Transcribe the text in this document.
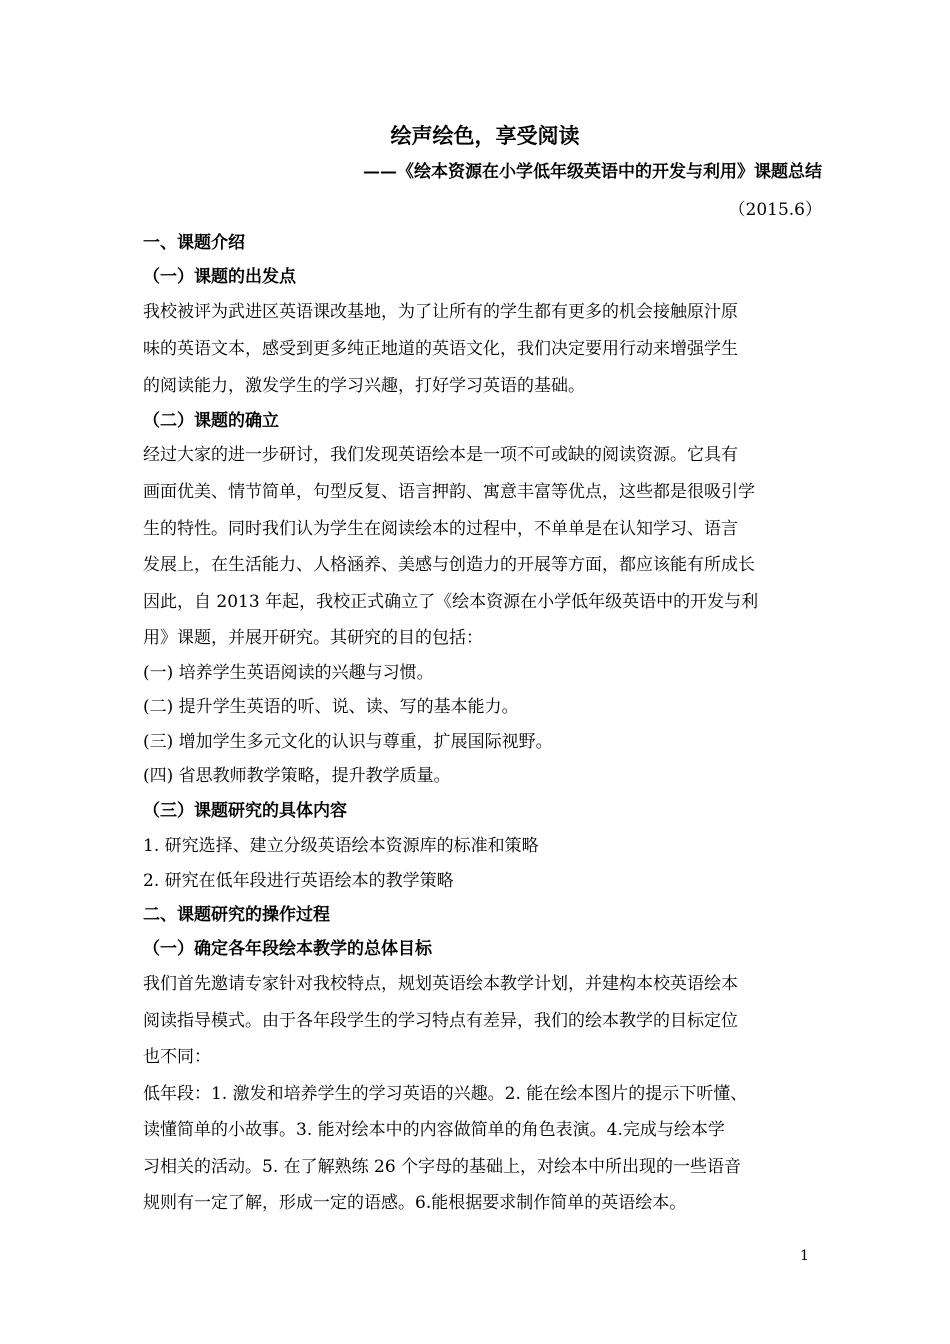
绘声绘色，享受阅读
——《绘本资源在小学低年级英语中的开发与利用》课题总结
（2015.6）
一、课题介绍
（一）课题的出发点
我校被评为武进区英语课改基地，为了让所有的学生都有更多的机会接触原汁原
味的英语文本，感受到更多纯正地道的英语文化，我们决定要用行动来增强学生
的阅读能力，激发学生的学习兴趣，打好学习英语的基础。
（二）课题的确立
经过大家的进一步研讨，我们发现英语绘本是一项不可或缺的阅读资源。它具有
画面优美、情节简单，句型反复、语言押韵、寓意丰富等优点，这些都是很吸引学
生的特性。同时我们认为学生在阅读绘本的过程中，不单单是在认知学习、语言
发展上，在生活能力、人格涵养、美感与创造力的开展等方面，都应该能有所成长
因此，自 2013 年起，我校正式确立了《绘本资源在小学低年级英语中的开发与利
用》课题，并展开研究。其研究的目的包括：
(一) 培养学生英语阅读的兴趣与习惯。
(二) 提升学生英语的听、说、读、写的基本能力。
(三) 增加学生多元文化的认识与尊重，扩展国际视野。
(四) 省思教师教学策略，提升教学质量。
（三）课题研究的具体内容
1. 研究选择、建立分级英语绘本资源库的标准和策略
2. 研究在低年段进行英语绘本的教学策略
二、课题研究的操作过程
（一）确定各年段绘本教学的总体目标
我们首先邀请专家针对我校特点，规划英语绘本教学计划，并建构本校英语绘本
阅读指导模式。由于各年段学生的学习特点有差异，我们的绘本教学的目标定位
也不同：
低年段：1. 激发和培养学生的学习英语的兴趣。2. 能在绘本图片的提示下听懂、
读懂简单的小故事。3. 能对绘本中的内容做简单的角色表演。4.完成与绘本学
习相关的活动。5. 在了解熟练 26 个字母的基础上，对绘本中所出现的一些语音
规则有一定了解，形成一定的语感。6.能根据要求制作简单的英语绘本。
1
